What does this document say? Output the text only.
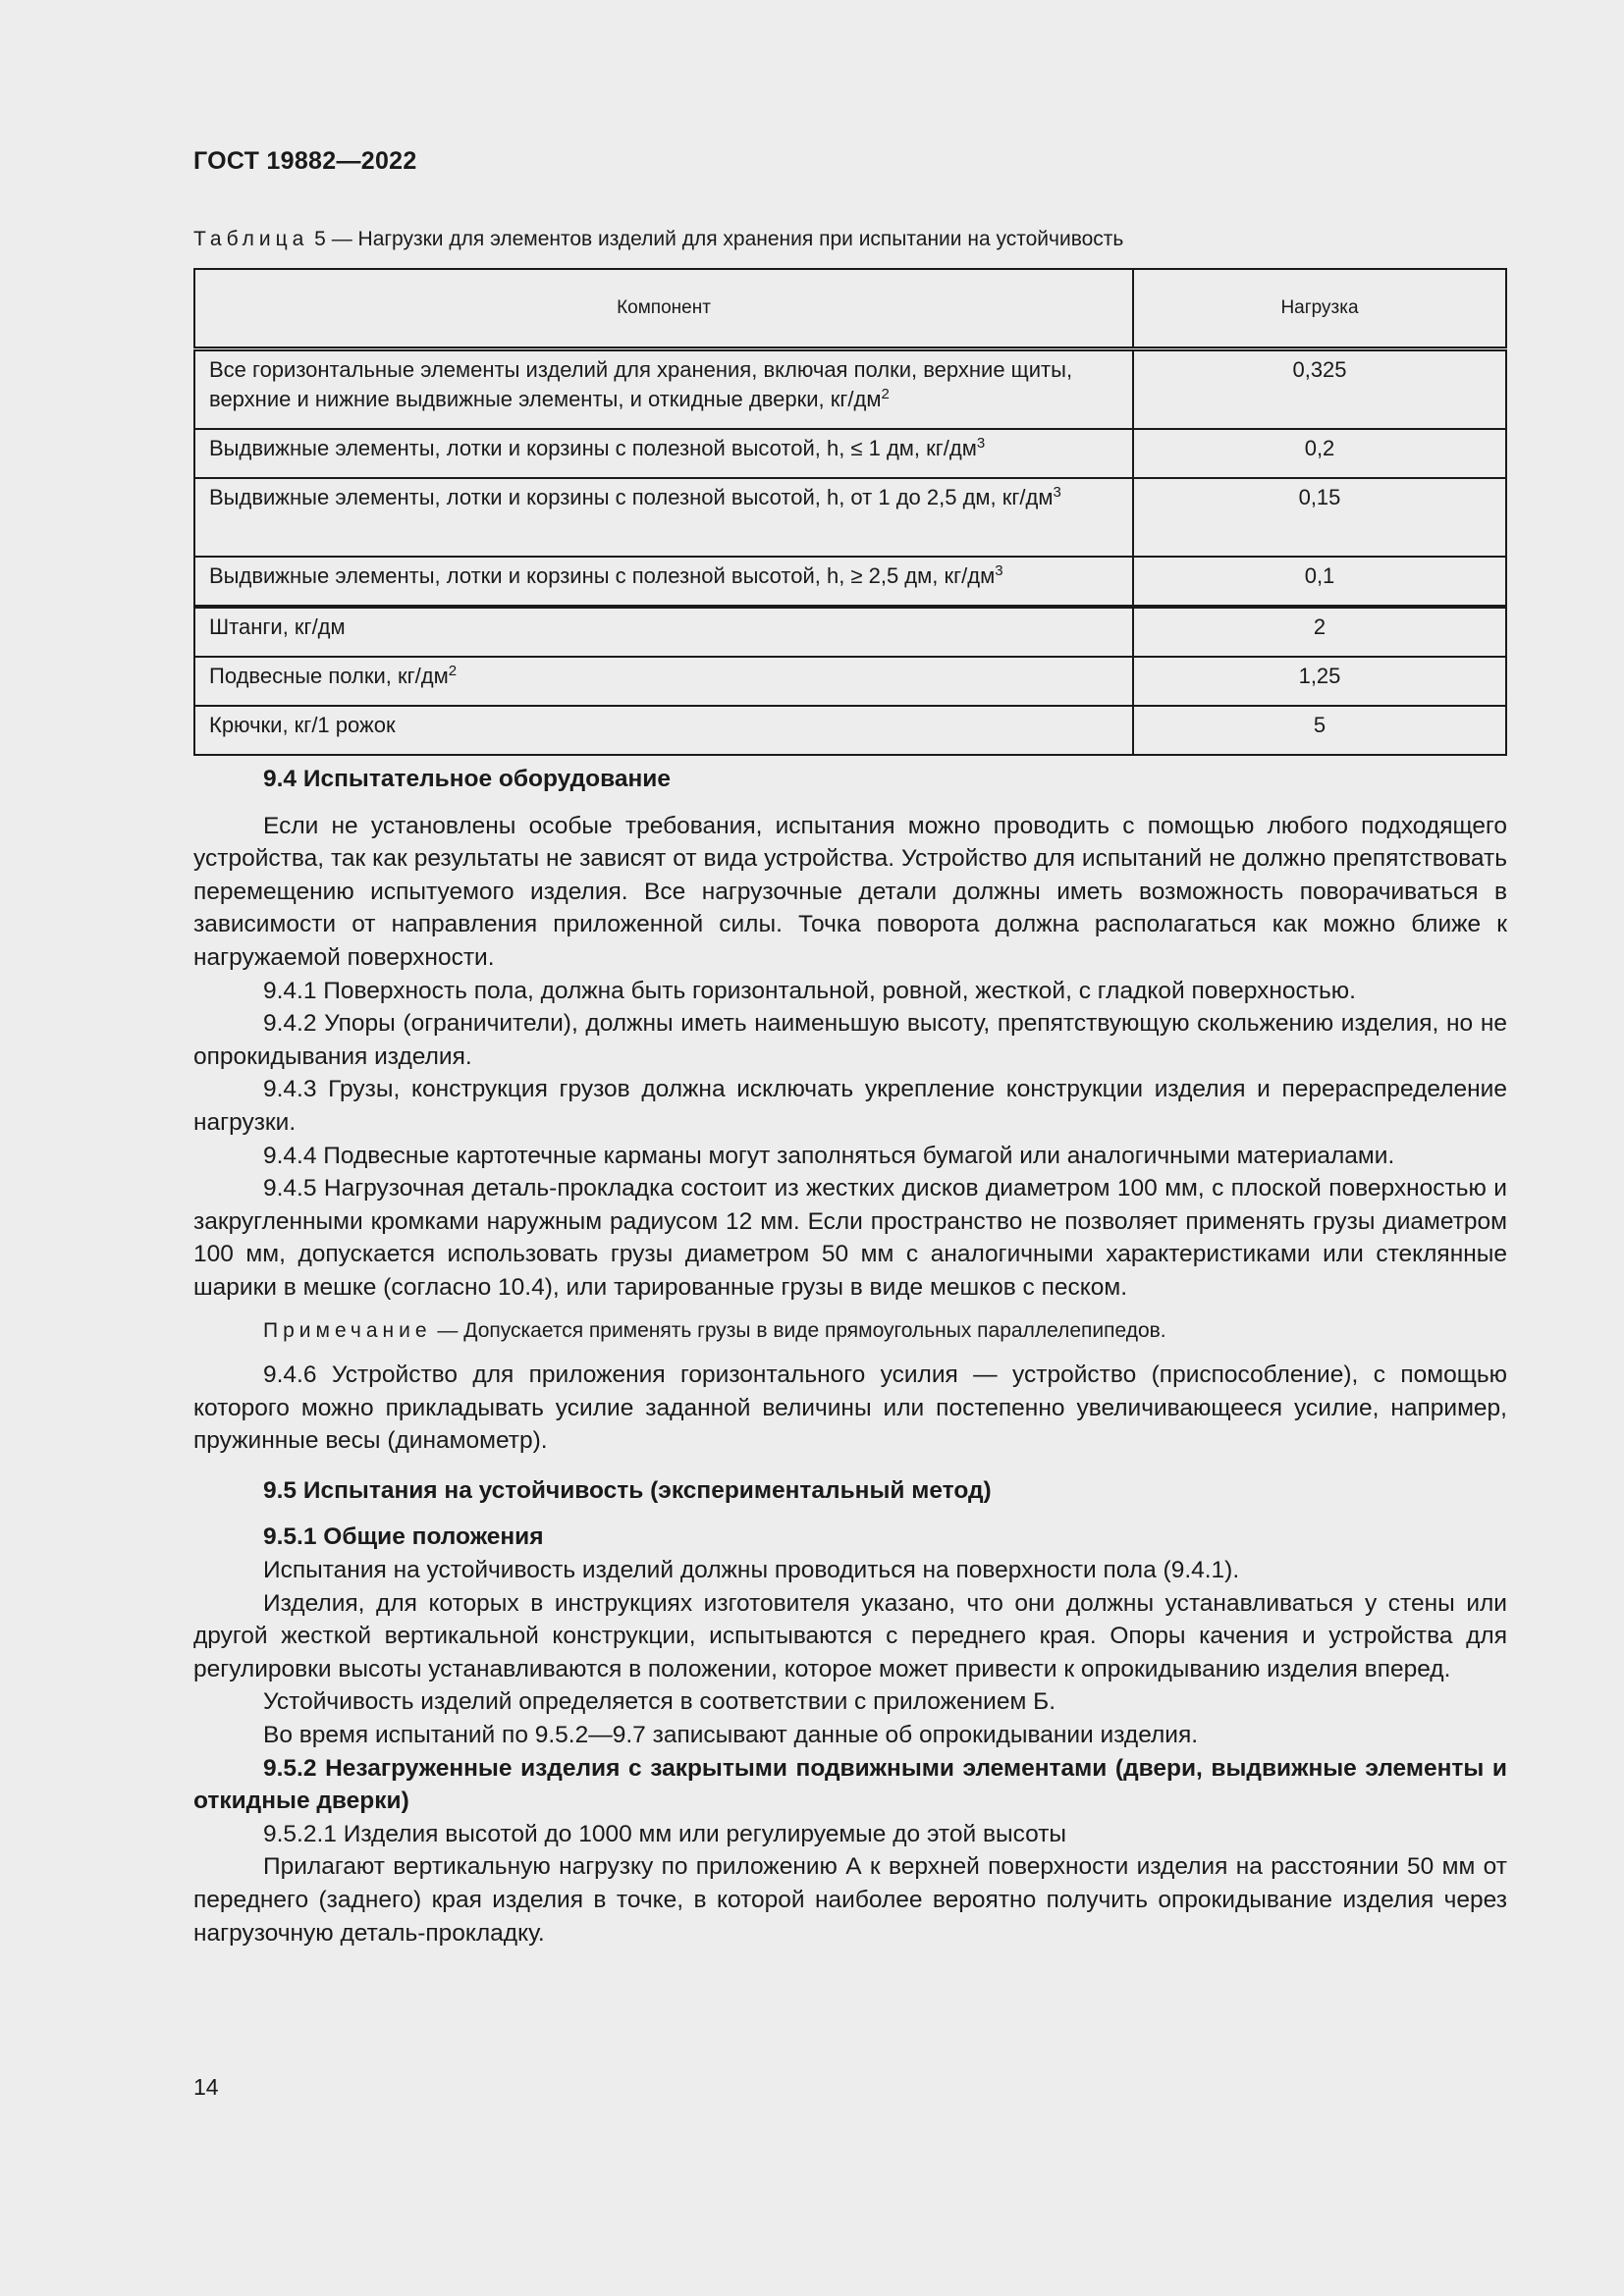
ГОСТ 19882—2022
Таблица 5 — Нагрузки для элементов изделий для хранения при испытании на устойчивость
Компонент	Нагрузка
Все горизонтальные элементы изделий для хранения, включая полки, верхние щиты, верхние и нижние выдвижные элементы, и откидные дверки, $кг/дм^2$	0,325
Выдвижные элементы, лотки и корзины с полезной высотой, h, ≤ 1 дм, $кг/дм^3$	0,2
Выдвижные элементы, лотки и корзины с полезной высотой, h, от 1 до 2,5 дм, $кг/дм^3$	0,15
Выдвижные элементы, лотки и корзины с полезной высотой, h, ≥ 2,5 дм, $кг/дм^3$	0,1
Штанги, кг/дм	2
Подвесные полки, $кг/дм^2$	1,25
Крючки, кг/1 рожок	5

9.4 Испытательное оборудование

Если не установлены особые требования, испытания можно проводить с помощью любого подходящего устройства, так как результаты не зависят от вида устройства. Устройство для испытаний не должно препятствовать перемещению испытуемого изделия. Все нагрузочные детали должны иметь возможность поворачиваться в зависимости от направления приложенной силы. Точка поворота должна располагаться как можно ближе к нагружаемой поверхности.

9.4.1 Поверхность пола, должна быть горизонтальной, ровной, жесткой, с гладкой поверхностью.

9.4.2 Упоры (ограничители), должны иметь наименьшую высоту, препятствующую скольжению изделия, но не опрокидывания изделия.

9.4.3 Грузы, конструкция грузов должна исключать укрепление конструкции изделия и перераспределение нагрузки.

9.4.4 Подвесные картотечные карманы могут заполняться бумагой или аналогичными материалами.

9.4.5 Нагрузочная деталь-прокладка состоит из жестких дисков диаметром 100 мм, с плоской поверхностью и закругленными кромками наружным радиусом 12 мм. Если пространство не позволяет применять грузы диаметром 100 мм, допускается использовать грузы диаметром 50 мм с аналогичными характеристиками или стеклянные шарики в мешке (согласно 10.4), или тарированные грузы в виде мешков с песком.

Примечание — Допускается применять грузы в виде прямоугольных параллелепипедов.

9.4.6 Устройство для приложения горизонтального усилия — устройство (приспособление), с помощью которого можно прикладывать усилие заданной величины или постепенно увеличивающееся усилие, например, пружинные весы (динамометр).

9.5 Испытания на устойчивость (экспериментальный метод)

9.5.1 Общие положения

Испытания на устойчивость изделий должны проводиться на поверхности пола (9.4.1).

Изделия, для которых в инструкциях изготовителя указано, что они должны устанавливаться у стены или другой жесткой вертикальной конструкции, испытываются с переднего края. Опоры качения и устройства для регулировки высоты устанавливаются в положении, которое может привести к опрокидыванию изделия вперед.

Устойчивость изделий определяется в соответствии с приложением Б.

Во время испытаний по 9.5.2—9.7 записывают данные об опрокидывании изделия.

9.5.2 Незагруженные изделия с закрытыми подвижными элементами (двери, выдвижные элементы и откидные дверки)

9.5.2.1 Изделия высотой до 1000 мм или регулируемые до этой высоты

Прилагают вертикальную нагрузку по приложению А к верхней поверхности изделия на расстоянии 50 мм от переднего (заднего) края изделия в точке, в которой наиболее вероятно получить опрокидывание изделия через нагрузочную деталь-прокладку.

14
